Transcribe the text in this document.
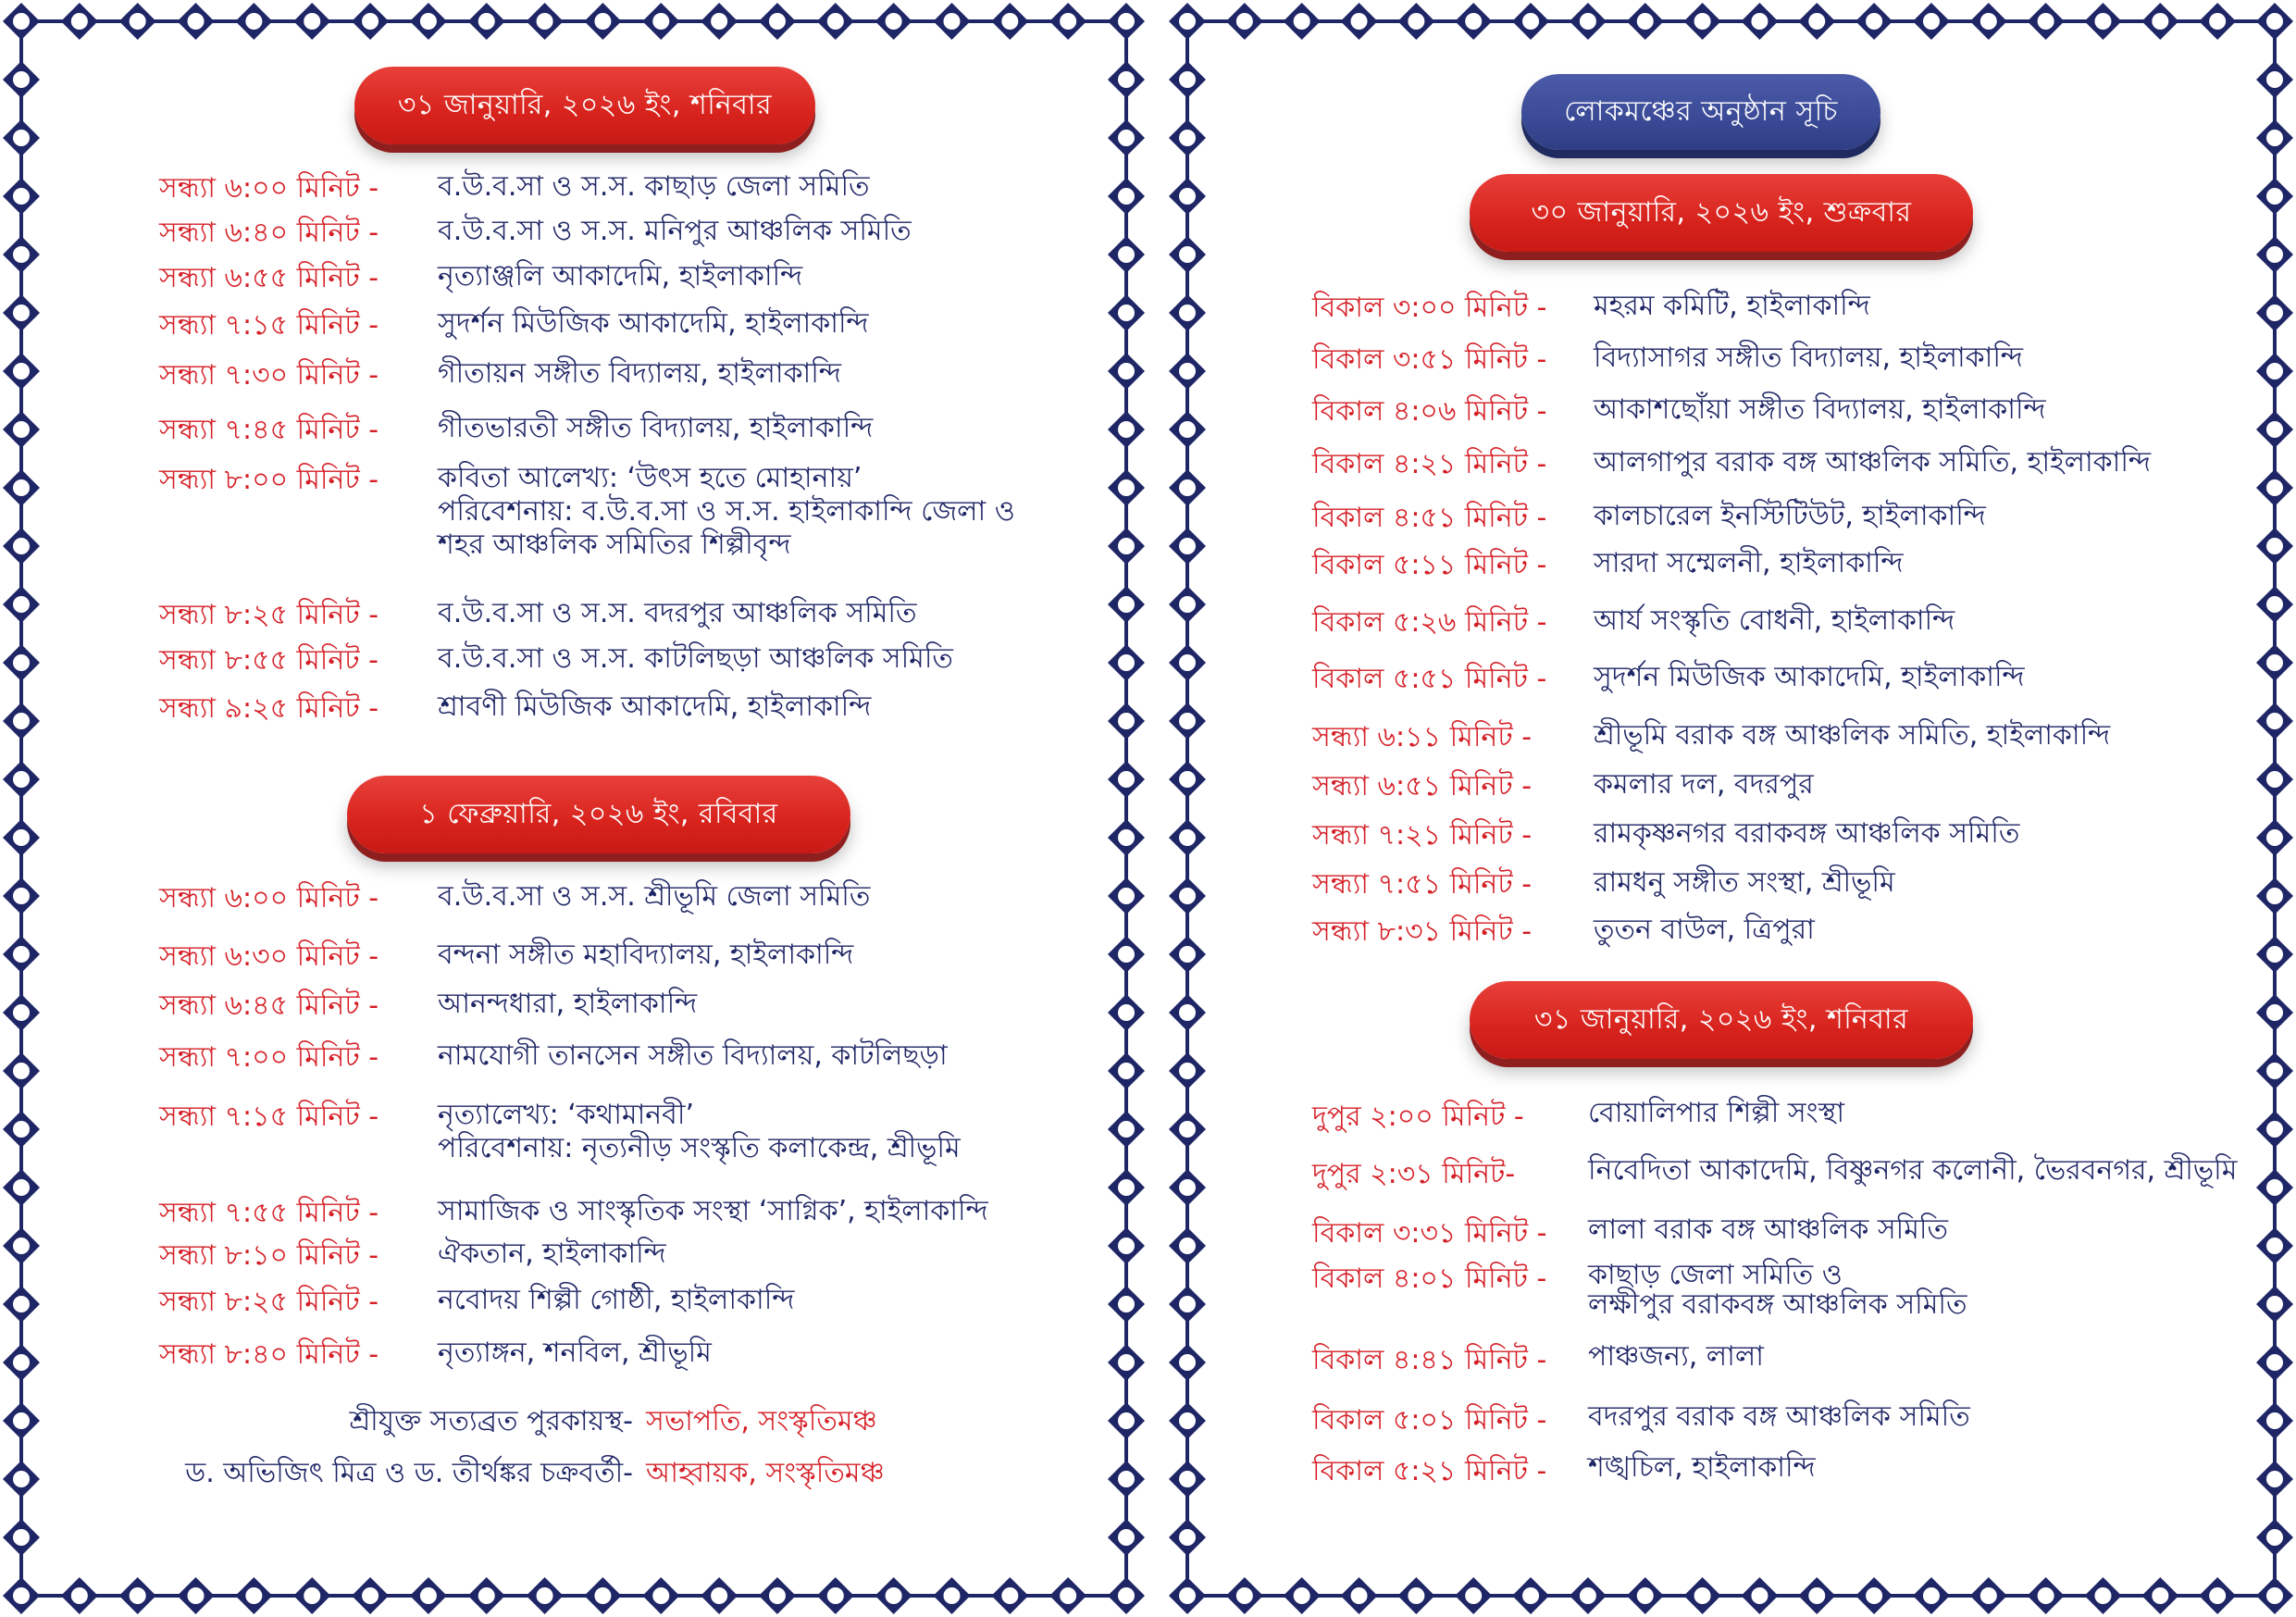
৩১ জানুয়ারি, ২০২৬ ইং, শনিবার
সন্ধ্যা ৬:০০ মিনিট - ব.উ.ব.সা ও স.স. কাছাড় জেলা সমিতি
সন্ধ্যা ৬:৪০ মিনিট - ব.উ.ব.সা ও স.স. মনিপুর আঞ্চলিক সমিতি
সন্ধ্যা ৬:৫৫ মিনিট - নৃত্যাঞ্জলি আকাদেমি, হাইলাকান্দি
সন্ধ্যা ৭:১৫ মিনিট - সুদর্শন মিউজিক আকাদেমি, হাইলাকান্দি
সন্ধ্যা ৭:৩০ মিনিট - গীতায়ন সঙ্গীত বিদ্যালয়, হাইলাকান্দি
সন্ধ্যা ৭:৪৫ মিনিট - গীতভারতী সঙ্গীত বিদ্যালয়, হাইলাকান্দি
সন্ধ্যা ৮:০০ মিনিট - কবিতা আলেখ্য: ‘উৎস হতে মোহানায়’
পরিবেশনায়: ব.উ.ব.সা ও স.স. হাইলাকান্দি জেলা ও
শহর আঞ্চলিক সমিতির শিল্পীবৃন্দ
সন্ধ্যা ৮:২৫ মিনিট - ব.উ.ব.সা ও স.স. বদরপুর আঞ্চলিক সমিতি
সন্ধ্যা ৮:৫৫ মিনিট - ব.উ.ব.সা ও স.স. কাটলিছড়া আঞ্চলিক সমিতি
সন্ধ্যা ৯:২৫ মিনিট - শ্রাবণী মিউজিক আকাদেমি, হাইলাকান্দি
১ ফেব্রুয়ারি, ২০২৬ ইং, রবিবার
সন্ধ্যা ৬:০০ মিনিট - ব.উ.ব.সা ও স.স. শ্রীভূমি জেলা সমিতি
সন্ধ্যা ৬:৩০ মিনিট - বন্দনা সঙ্গীত মহাবিদ্যালয়, হাইলাকান্দি
সন্ধ্যা ৬:৪৫ মিনিট - আনন্দধারা, হাইলাকান্দি
সন্ধ্যা ৭:০০ মিনিট - নামযোগী তানসেন সঙ্গীত বিদ্যালয়, কাটলিছড়া
সন্ধ্যা ৭:১৫ মিনিট - নৃত্যালেখ্য: ‘কথামানবী’
পরিবেশনায়: নৃত্যনীড় সংস্কৃতি কলাকেন্দ্র, শ্রীভূমি
সন্ধ্যা ৭:৫৫ মিনিট - সামাজিক ও সাংস্কৃতিক সংস্থা ‘সাগ্নিক’, হাইলাকান্দি
সন্ধ্যা ৮:১০ মিনিট - ঐকতান, হাইলাকান্দি
সন্ধ্যা ৮:২৫ মিনিট - নবোদয় শিল্পী গোষ্ঠী, হাইলাকান্দি
সন্ধ্যা ৮:৪০ মিনিট - নৃত্যাঙ্গন, শনবিল, শ্রীভূমি
শ্রীযুক্ত সত্যব্রত পুরকায়স্থ- সভাপতি, সংস্কৃতিমঞ্চ
ড. অভিজিৎ মিত্র ও ড. তীর্থঙ্কর চক্রবর্তী- আহ্বায়ক, সংস্কৃতিমঞ্চ
লোকমঞ্চের অনুষ্ঠান সূচি
৩০ জানুয়ারি, ২০২৬ ইং, শুক্রবার
বিকাল ৩:০০ মিনিট - মহরম কমিটি, হাইলাকান্দি
বিকাল ৩:৫১ মিনিট - বিদ্যাসাগর সঙ্গীত বিদ্যালয়, হাইলাকান্দি
বিকাল ৪:০৬ মিনিট - আকাশছোঁয়া সঙ্গীত বিদ্যালয়, হাইলাকান্দি
বিকাল ৪:২১ মিনিট - আলগাপুর বরাক বঙ্গ আঞ্চলিক সমিতি, হাইলাকান্দি
বিকাল ৪:৫১ মিনিট - কালচারেল ইনস্টিটিউট, হাইলাকান্দি
বিকাল ৫:১১ মিনিট - সারদা সম্মেলনী, হাইলাকান্দি
বিকাল ৫:২৬ মিনিট - আর্য সংস্কৃতি বোধনী, হাইলাকান্দি
বিকাল ৫:৫১ মিনিট - সুদর্শন মিউজিক আকাদেমি, হাইলাকান্দি
সন্ধ্যা ৬:১১ মিনিট - শ্রীভূমি বরাক বঙ্গ আঞ্চলিক সমিতি, হাইলাকান্দি
সন্ধ্যা ৬:৫১ মিনিট - কমলার দল, বদরপুর
সন্ধ্যা ৭:২১ মিনিট - রামকৃষ্ণনগর বরাকবঙ্গ আঞ্চলিক সমিতি
সন্ধ্যা ৭:৫১ মিনিট - রামধনু সঙ্গীত সংস্থা, শ্রীভূমি
সন্ধ্যা ৮:৩১ মিনিট - তুতন বাউল, ত্রিপুরা
৩১ জানুয়ারি, ২০২৬ ইং, শনিবার
দুপুর ২:০০ মিনিট - বোয়ালিপার শিল্পী সংস্থা
দুপুর ২:৩১ মিনিট-	নিবেদিতা আকাদেমি, বিষ্ণুনগর কলোনী, ভৈরবনগর, শ্রীভূমি
বিকাল ৩:৩১ মিনিট - লালা বরাক বঙ্গ আঞ্চলিক সমিতি
বিকাল ৪:০১ মিনিট - কাছাড় জেলা সমিতি ও
লক্ষীপুর বরাকবঙ্গ আঞ্চলিক সমিতি
বিকাল ৪:৪১ মিনিট - পাঞ্চজন্য, লালা
বিকাল ৫:০১ মিনিট - বদরপুর বরাক বঙ্গ আঞ্চলিক সমিতি
বিকাল ৫:২১ মিনিট - শঙ্খচিল, হাইলাকান্দি
